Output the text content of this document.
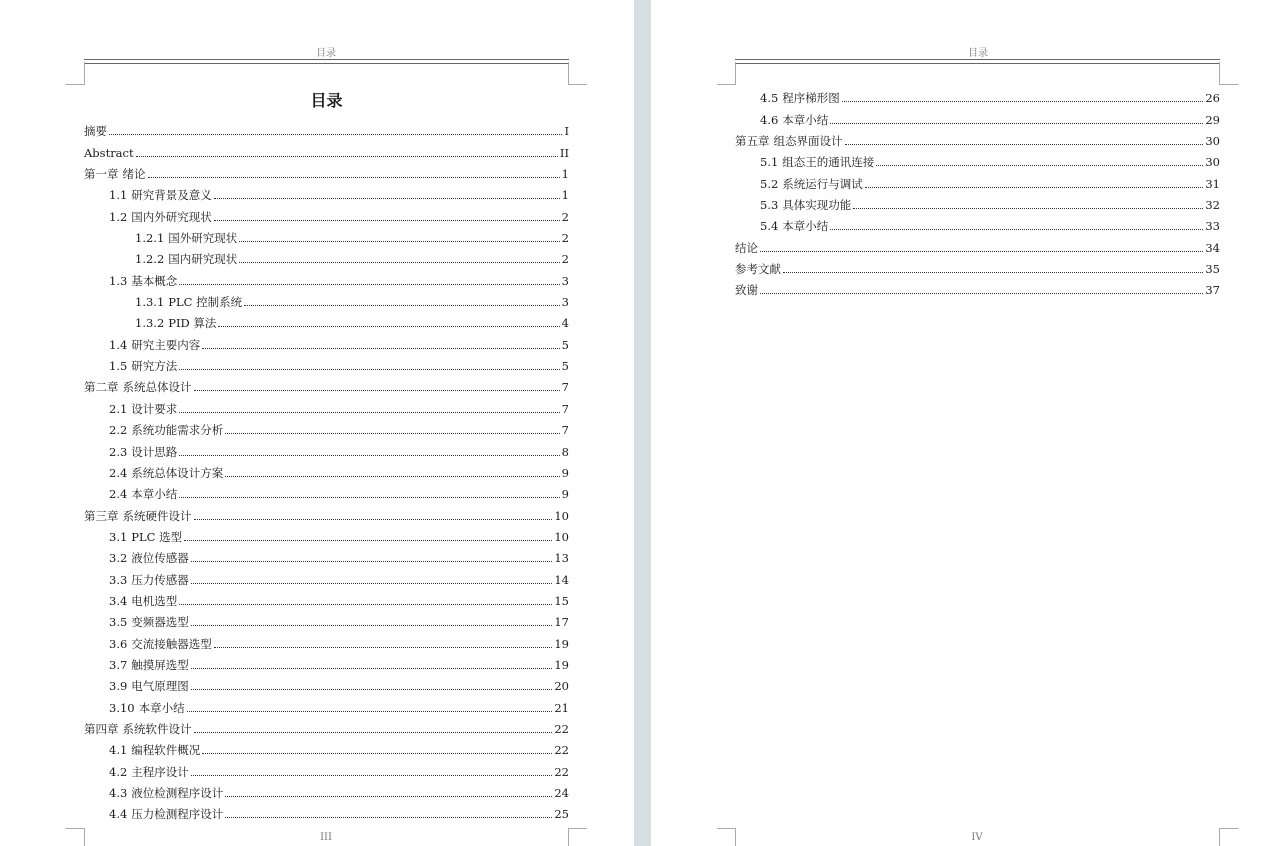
目录
目录
摘要	I
Abstract	II
第一章 绪论	1
1.1 研究背景及意义	1
1.2 国内外研究现状	2
1.2.1 国外研究现状	2
1.2.2 国内研究现状	2
1.3 基本概念	3
1.3.1 PLC 控制系统	3
1.3.2 PID 算法	4
1.4 研究主要内容	5
1.5 研究方法	5
第二章 系统总体设计	7
2.1 设计要求	7
2.2 系统功能需求分析	7
2.3 设计思路	8
2.4 系统总体设计方案	9
2.4 本章小结	9
第三章 系统硬件设计	10
3.1 PLC 选型	10
3.2 液位传感器	13
3.3 压力传感器	14
3.4 电机选型	15
3.5 变频器选型	17
3.6 交流接触器选型	19
3.7 触摸屏选型	19
3.9 电气原理图	20
3.10 本章小结	21
第四章 系统软件设计	22
4.1 编程软件概况	22
4.2 主程序设计	22
4.3 液位检测程序设计	24
4.4 压力检测程序设计	25
III
目录
4.5 程序梯形图	26
4.6 本章小结	29
第五章 组态界面设计	30
5.1 组态王的通讯连接	30
5.2 系统运行与调试	31
5.3 具体实现功能	32
5.4 本章小结	33
结论	34
参考文献	35
致谢	37
IV
